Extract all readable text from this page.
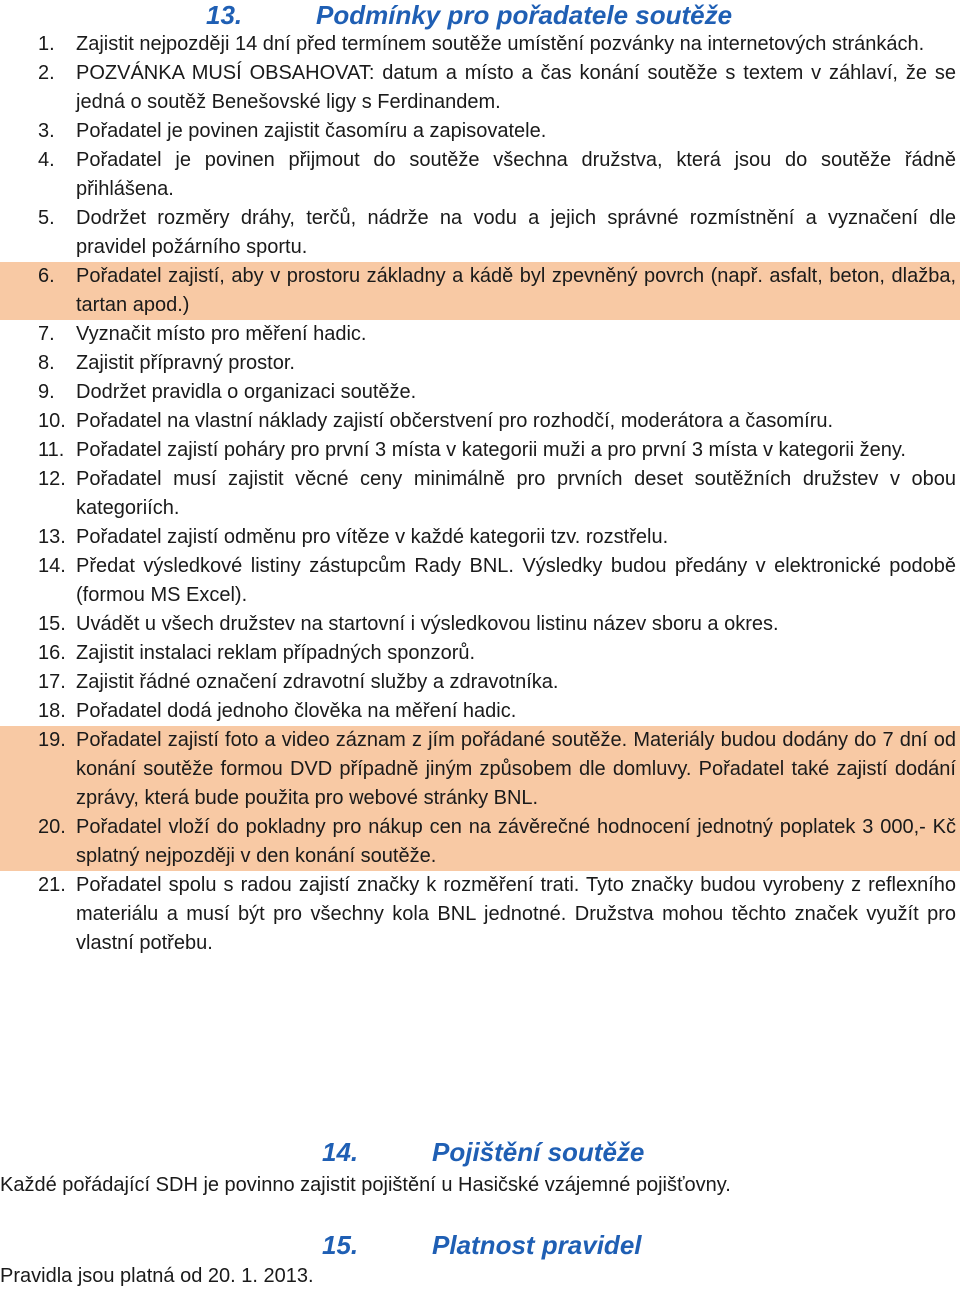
13.	Podmínky pro pořadatele soutěže
1.	Zajistit nejpozději 14 dní před termínem soutěže umístění pozvánky na internetových stránkách.
2.	POZVÁNKA MUSÍ OBSAHOVAT: datum a místo a čas konání soutěže s textem v záhlaví, že se jedná o soutěž Benešovské ligy s Ferdinandem.
3.	Pořadatel je povinen zajistit časomíru a zapisovatele.
4.	Pořadatel je povinen přijmout do soutěže všechna družstva, která jsou do soutěže řádně přihlášena.
5.	Dodržet rozměry dráhy, terčů, nádrže na vodu a jejich správné rozmístnění a vyznačení dle pravidel požárního sportu.
6.	Pořadatel zajistí, aby v prostoru základny a kádě byl zpevněný povrch (např. asfalt, beton, dlažba, tartan apod.)
7.	Vyznačit místo pro měření hadic.
8.	Zajistit přípravný prostor.
9.	Dodržet pravidla o organizaci soutěže.
10. Pořadatel na vlastní náklady zajistí občerstvení pro rozhodčí, moderátora a časomíru.
11. Pořadatel zajistí poháry pro první 3 místa v kategorii muži a pro první 3 místa v kategorii ženy.
12. Pořadatel musí zajistit věcné ceny minimálně pro prvních deset soutěžních družstev v obou kategoriích.
13. Pořadatel zajistí odměnu pro vítěze v každé kategorii tzv. rozstřelu.
14. Předat výsledkové listiny zástupcům Rady BNL. Výsledky budou předány v elektronické podobě (formou MS Excel).
15. Uvádět u všech družstev na startovní i výsledkovou listinu název sboru a okres.
16. Zajistit instalaci reklam případných sponzorů.
17. Zajistit řádné označení zdravotní služby a zdravotníka.
18. Pořadatel dodá jednoho člověka na měření hadic.
19. Pořadatel zajistí foto a video záznam z jím pořádané soutěže. Materiály budou dodány do 7 dní od konání soutěže formou DVD případně jiným způsobem dle domluvy. Pořadatel také zajistí dodání zprávy, která bude použita pro webové stránky BNL.
20. Pořadatel vloží do pokladny pro nákup cen na závěrečné hodnocení jednotný poplatek 3 000,- Kč splatný nejpozději v den konání soutěže.
21. Pořadatel spolu s radou zajistí značky k rozměření trati. Tyto značky budou vyrobeny z reflexního materiálu a musí být pro všechny kola BNL jednotné. Družstva mohou těchto značek využít pro vlastní potřebu.
14.	Pojištění soutěže
Každé pořádající SDH je povinno zajistit pojištění u Hasičské vzájemné pojišťovny.
15.	Platnost pravidel
Pravidla jsou platná od 20. 1. 2013.
